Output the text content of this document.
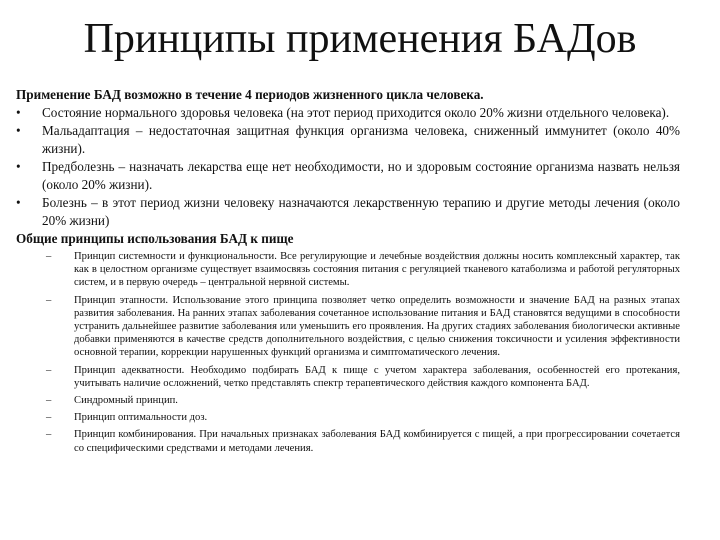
Принципы применения БАДов

Применение БАД возможно в течение 4 периодов жизненного цикла человека.

•	Состояние нормального здоровья человека (на этот период приходится около 20% жизни отдельного человека).
•	Мальадаптация – недостаточная защитная функция организма человека, сниженный иммунитет (около 40% жизни).
•	Предболезнь – назначать лекарства еще нет необходимости, но и здоровым состояние организма назвать нельзя (около 20% жизни).
•	Болезнь – в этот период жизни человеку назначаются лекарственную терапию и другие методы лечения (около 20% жизни)

Общие принципы использования БАД к пище

–	Принцип системности и функциональности. Все регулирующие и лечебные воздействия должны носить комплексный характер, так как в целостном организме существует взаимосвязь состояния питания с регуляцией тканевого катаболизма и работой регуляторных систем, и в первую очередь – центральной нервной системы.
–	Принцип этапности. Использование этого принципа позволяет четко определить возможности и значение БАД на разных этапах развития заболевания. На ранних этапах заболевания сочетанное использование питания и БАД становятся ведущими в способности устранить дальнейшее развитие заболевания или уменьшить его проявления. На других стадиях заболевания биологически активные добавки применяются в качестве средств дополнительного воздействия, с целью снижения токсичности и усиления эффективности основной терапии, коррекции нарушенных функций организма и симптоматического лечения.
–	Принцип адекватности. Необходимо подбирать БАД к пище с учетом характера заболевания, особенностей его протекания, учитывать наличие осложнений, четко представлять спектр терапевтического действия каждого компонента БАД.
–	Синдромный принцип.
–	Принцип оптимальности доз.
–	Принцип комбинирования. При начальных признаках заболевания БАД комбинируется с пищей, а при прогрессировании сочетается со специфическими средствами и методами лечения.
